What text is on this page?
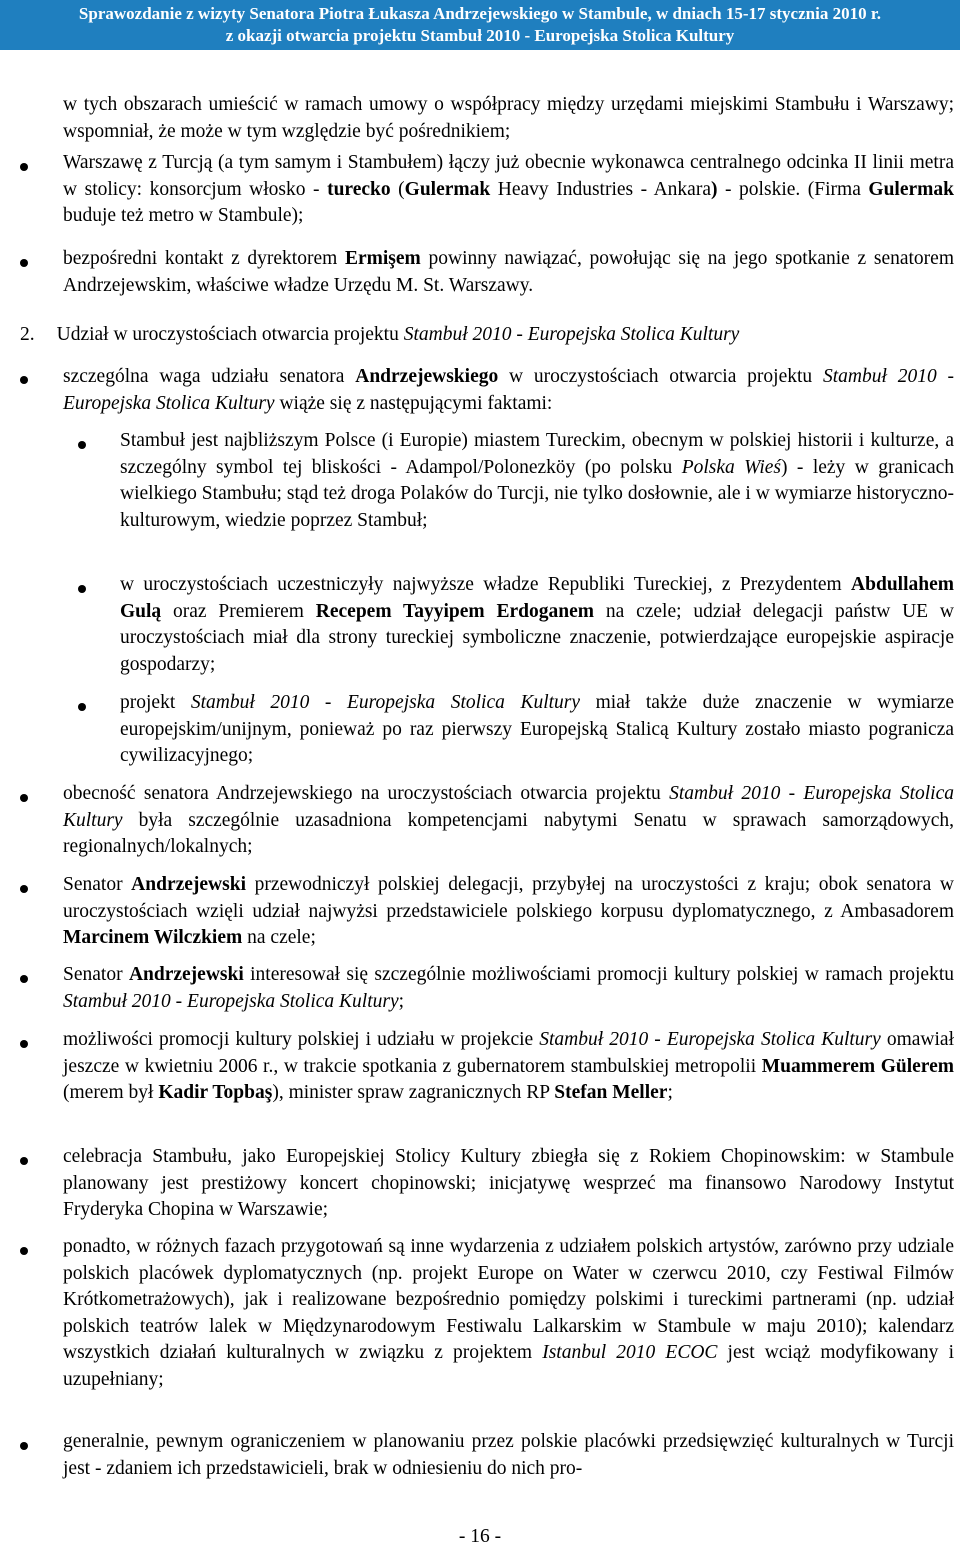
Sprawozdanie z wizyty Senatora Piotra Łukasza Andrzejewskiego w Stambule, w dniach 15-17 stycznia 2010 r.
z okazji otwarcia projektu Stambuł 2010 - Europejska Stolica Kultury

w tych obszarach umieścić w ramach umowy o współpracy między urzędami miejskimi Stambułu i Warszawy; wspomniał, że może w tym względzie być pośrednikiem;

Warszawę z Turcją (a tym samym i Stambułem) łączy już obecnie wykonawca centralnego odcinka II linii metra w stolicy: konsorcjum włosko - turecko (Gulermak Heavy Industries - Ankara) - polskie. (Firma Gulermak buduje też metro w Stambule);

bezpośredni kontakt z dyrektorem Ermişem powinny nawiązać, powołując się na jego spotkanie z senatorem Andrzejewskim, właściwe władze Urzędu M. St. Warszawy.

2. Udział w uroczystościach otwarcia projektu Stambuł 2010 - Europejska Stolica Kultury

szczególna waga udziału senatora Andrzejewskiego w uroczystościach otwarcia projektu Stambuł 2010 - Europejska Stolica Kultury wiąże się z następującymi faktami:

Stambuł jest najbliższym Polsce (i Europie) miastem Tureckim, obecnym w polskiej historii i kulturze, a szczególny symbol tej bliskości - Adampol/Polonezköy (po polsku Polska Wieś) - leży w granicach wielkiego Stambułu; stąd też droga Polaków do Turcji, nie tylko dosłownie, ale i w wymiarze historyczno-kulturowym, wiedzie poprzez Stambuł;

w uroczystościach uczestniczyły najwyższe władze Republiki Tureckiej, z Prezydentem Abdullahem Gulą oraz Premierem Recepem Tayyipem Erdoganem na czele; udział delegacji państw UE w uroczystościach miał dla strony tureckiej symboliczne znaczenie, potwierdzające europejskie aspiracje gospodarzy;

projekt Stambuł 2010 - Europejska Stolica Kultury miał także duże znaczenie w wymiarze europejskim/unijnym, ponieważ po raz pierwszy Europejską Stalicą Kultury zostało miasto pogranicza cywilizacyjnego;

obecność senatora Andrzejewskiego na uroczystościach otwarcia projektu Stambuł 2010 - Europejska Stolica Kultury była szczególnie uzasadniona kompetencjami nabytymi Senatu w sprawach samorządowych, regionalnych/lokalnych;

Senator Andrzejewski przewodniczył polskiej delegacji, przybyłej na uroczystości z kraju; obok senatora w uroczystościach wzięli udział najwyżsi przedstawiciele polskiego korpusu dyplomatycznego, z Ambasadorem Marcinem Wilczkiem na czele;

Senator Andrzejewski interesował się szczególnie możliwościami promocji kultury polskiej w ramach projektu Stambuł 2010 - Europejska Stolica Kultury;

możliwości promocji kultury polskiej i udziału w projekcie Stambuł 2010 - Europejska Stolica Kultury omawiał jeszcze w kwietniu 2006 r., w trakcie spotkania z gubernatorem stambulskiej metropolii Muammerem Gülerem (merem był Kadir Topbaş), minister spraw zagranicznych RP Stefan Meller;

celebracja Stambułu, jako Europejskiej Stolicy Kultury zbiegła się z Rokiem Chopinowskim: w Stambule planowany jest prestiżowy koncert chopinowski; inicjatywę wesprzeć ma finansowo Narodowy Instytut Fryderyka Chopina w Warszawie;

ponadto, w różnych fazach przygotowań są inne wydarzenia z udziałem polskich artystów, zarówno przy udziale polskich placówek dyplomatycznych (np. projekt Europe on Water w czerwcu 2010, czy Festiwal Filmów Krótkometrażowych), jak i realizowane bezpośrednio pomiędzy polskimi i tureckimi partnerami (np. udział polskich teatrów lalek w Międzynarodowym Festiwalu Lalkarskim w Stambule w maju 2010); kalendarz wszystkich działań kulturalnych w związku z projektem Istanbul 2010 ECOC jest wciąż modyfikowany i uzupełniany;

generalnie, pewnym ograniczeniem w planowaniu przez polskie placówki przedsięwzięć kulturalnych w Turcji jest - zdaniem ich przedstawicieli, brak w odniesieniu do nich pro-

- 16 -
